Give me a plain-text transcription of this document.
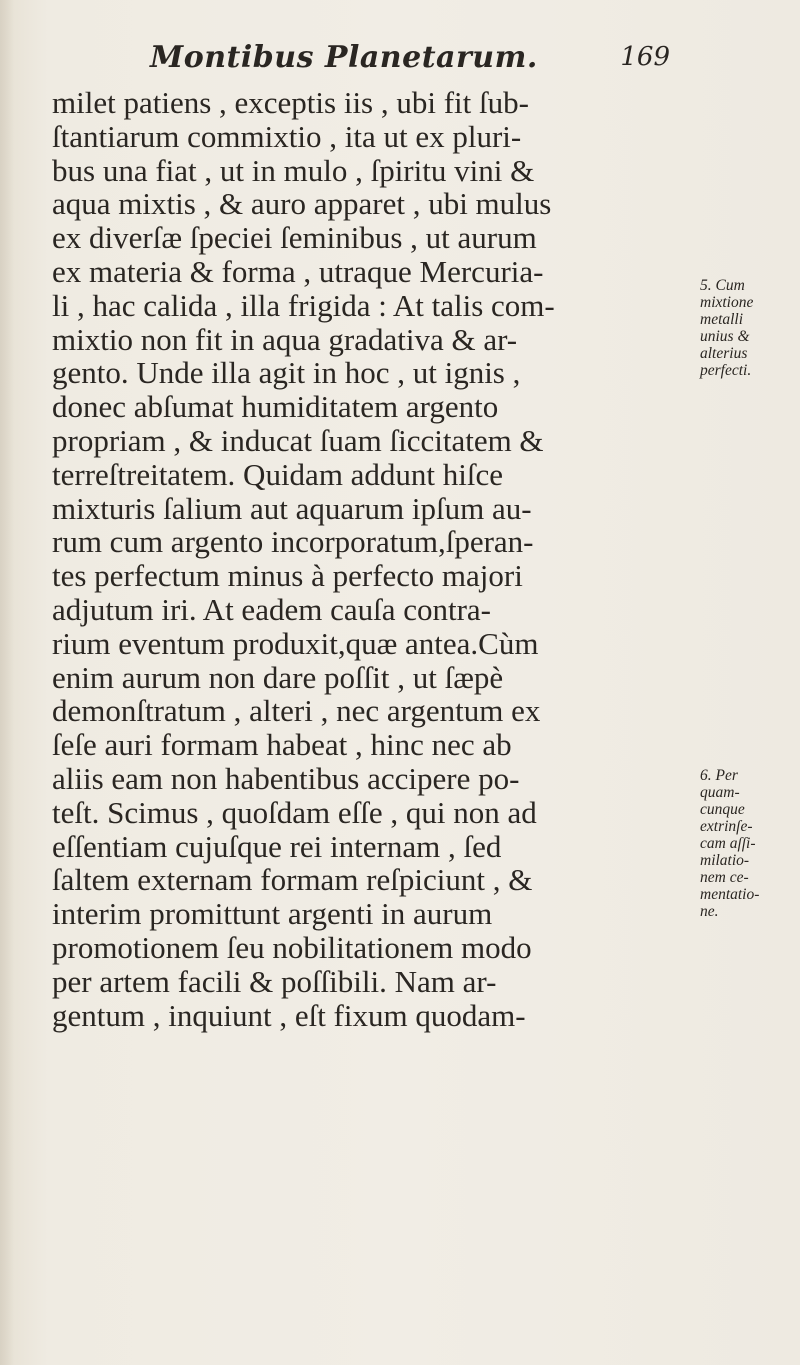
Montibus Planetarum.	169
milet patiens , exceptis iis , ubi fit ſub-
ſtantiarum commixtio , ita ut ex pluri-
bus una fiat , ut in mulo , ſpiritu vini &
aqua mixtis , & auro apparet , ubi mulus
ex diverſæ ſpeciei ſeminibus , ut aurum
ex materia & forma , utraque Mercuria-
li , hac calida , illa frigida : At talis com-
mixtio non fit in aqua gradativa & ar-
gento. Unde illa agit in hoc , ut ignis ,
donec abſumat humiditatem argento
propriam , & inducat ſuam ſiccitatem &
terreſtreitatem. Quidam addunt hiſce
mixturis ſalium aut aquarum ipſum au-
rum cum argento incorporatum,ſperan-
tes perfectum minus à perfecto majori
adjutum iri. At eadem cauſa contra-
rium eventum produxit,quæ antea.Cùm
enim aurum non dare poſſit , ut ſæpè
demonſtratum , alteri , nec argentum ex
ſeſe auri formam habeat , hinc nec ab
aliis eam non habentibus accipere po-
teſt. Scimus , quoſdam eſſe , qui non ad
eſſentiam cujuſque rei internam , ſed
ſaltem externam formam reſpiciunt , &
interim promittunt argenti in aurum
promotionem ſeu nobilitationem modo
per artem facili & poſſibili. Nam ar-
gentum , inquiunt , eſt fixum quodam-
5. Cum
mixtione
metalli
unius &
alterius
perfecti.
6. Per
quam-
cunque
extrinſe-
cam aſſi-
milatio-
nem ce-
mentatio-
ne.
